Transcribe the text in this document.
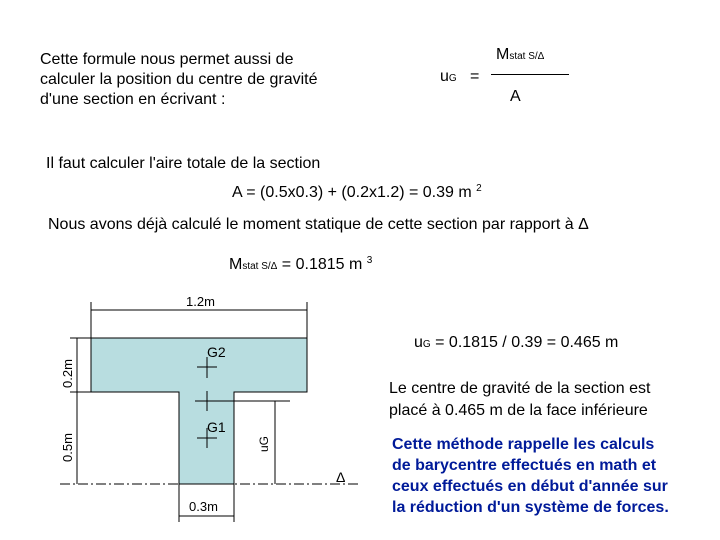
Cette formule nous permet aussi de
calculer la position du centre de gravité
d'une section en écrivant :
uG =
Mstat S/Δ
A
Il faut calculer l'aire totale de la section
A = (0.5x0.3) + (0.2x1.2) = 0.39 m $^2$
Nous avons déjà calculé le moment statique de cette section par rapport à Δ
Mstat S/Δ = 0.1815 m $^3$
uG = 0.1815 / 0.39 = 0.465 m
Le centre de gravité de la section est
placé à 0.465 m de la face inférieure
Cette méthode rappelle les calculs
de barycentre effectués en math et
ceux effectués en début d'année sur
la réduction d'un système de forces.
1.2m
0.2m
0.5m
Δ
0.3m
G2
G1
uG
